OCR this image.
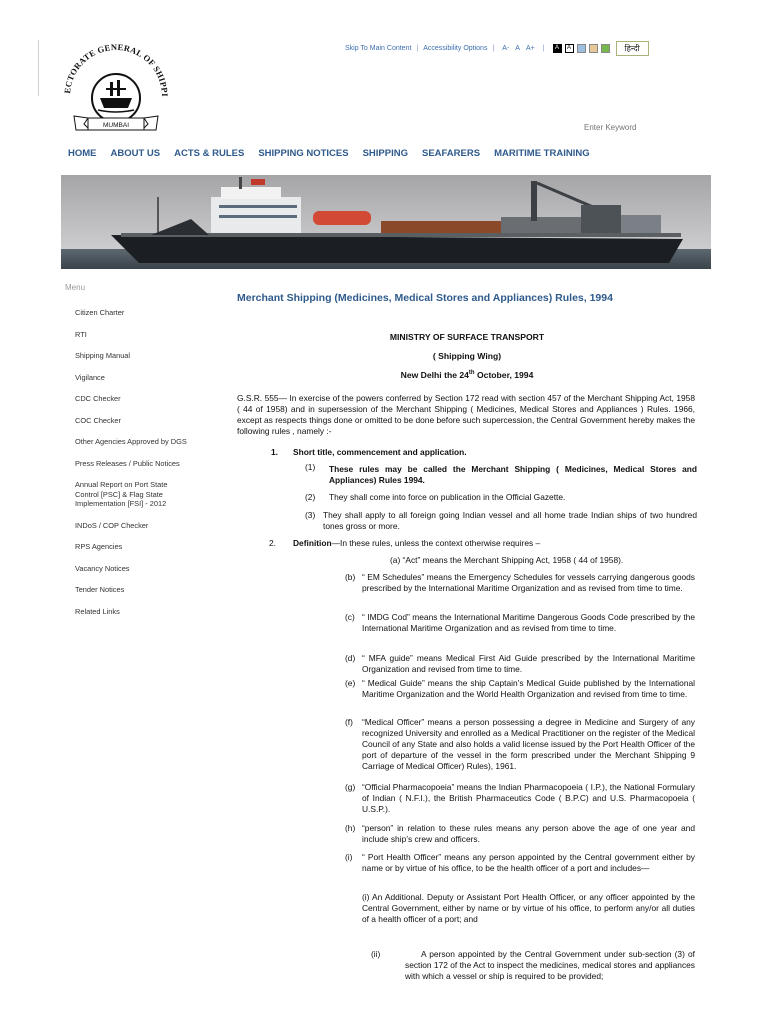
ECTORATE GENERAL OF SHIPPI
MUMBAI
Skip To Main Content | Accessibility Options | A- A A+ |	A	A	हिन्दी
Enter Keyword
HOME ABOUT US ACTS & RULES SHIPPING NOTICES SHIPPING SEAFARERS MARITIME TRAINING
Menu
Citizen Charter
RTI
Shipping Manual
Vigilance
CDC Checker
COC Checker
Other Agencies Approved by DGS
Press Releases / Public Notices
Annual Report on Port State Control [PSC] & Flag State Implementation [FSI] - 2012
INDoS / COP Checker
RPS Agencies
Vacancy Notices
Tender Notices
Related Links
Merchant Shipping (Medicines, Medical Stores and Appliances) Rules, 1994
MINISTRY OF SURFACE TRANSPORT
( Shipping Wing)
New Delhi the 24th October, 1994
G.S.R. 555— In exercise of the powers conferred by Section 172 read with section 457 of the Merchant Shipping Act, 1958 ( 44 of 1958) and in supersession of the Merchant Shipping ( Medicines, Medical Stores and Appliances ) Rules. 1966, except as respects things done or omitted to be done before such supercession, the Central Government hereby makes the following rules , namely :-
1. Short title, commencement and application.
(1) These rules may be called the Merchant Shipping ( Medicines, Medical Stores and Appliances) Rules 1994.
(2) They shall come into force on publication in the Official Gazette.
(3) They shall apply to all foreign going Indian vessel and all home trade Indian ships of two hundred tones gross or more.
2. Definition—In these rules, unless the context otherwise requires –
(a) “Act” means the Merchant Shipping Act, 1958 ( 44 of 1958).
(b) “ EM Schedules” means the Emergency Schedules for vessels carrying dangerous goods prescribed by the International Maritime Organization and as revised from time to time.
(c) “ IMDG Cod” means the International Maritime Dangerous Goods Code prescribed by the International Maritime Organization and as revised from time to time.
(d) “ MFA guide” means Medical First Aid Guide prescribed by the International Maritime Organization and revised from time to time.
(e) “ Medical Guide” means the ship Captain’s Medical Guide published by the International Maritime Organization and the World Health Organization and revised from time to time.
(f) “Medical Officer” means a person possessing a degree in Medicine and Surgery of any recognized University and enrolled as a Medical Practitioner on the register of the Medical Council of any State and also holds a valid license issued by the Port Health Officer of the port of departure of the vessel in the form prescribed under the Merchant Shipping 9 Carriage of Medical Officer) Rules), 1961.
(g) “Official Pharmacopoeia” means the Indian Pharmacopoeia ( I.P.), the National Formulary of Indian ( N.F.I.), the British Pharmaceutics Code ( B.P.C) and U.S. Pharmacopoeia ( U.S.P.).
(h) “person” in relation to these rules means any person above the age of one year and include ship’s crew and officers.
(i) “ Port Health Officer” means any person appointed by the Central government either by name or by virtue of his office, to be the health officer of a port and includes—
(i) An Additional. Deputy or Assistant Port Health Officer, or any officer appointed by the Central Government, either by name or by virtue of his office, to perform any/or all duties of a health officer of a port; and
(ii)	A person appointed by the Central Government under sub-section (3) of section 172 of the Act to inspect the medicines, medical stores and appliances with which a vessel or ship is required to be provided;
